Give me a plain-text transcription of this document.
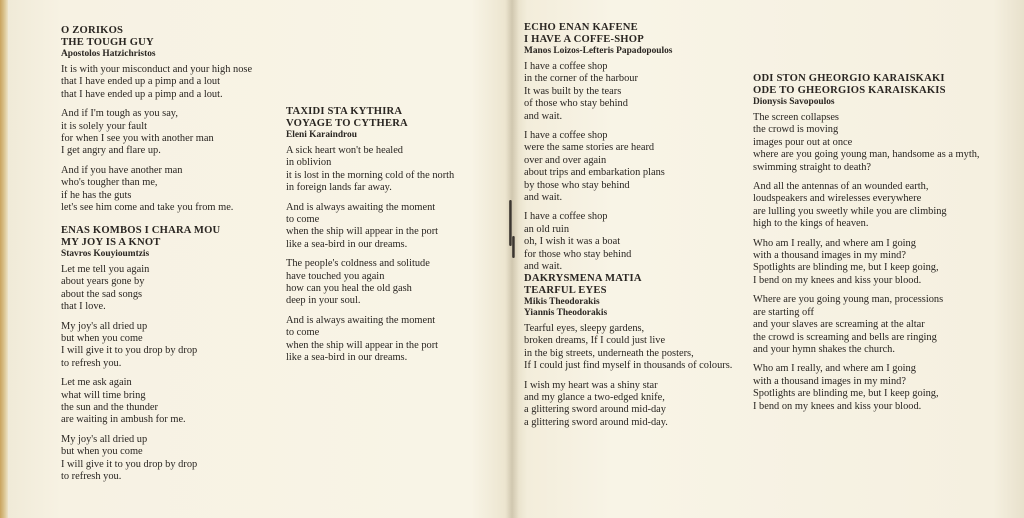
O ZORIKOS
THE TOUGH GUY
Apostolos Hatzichristos
It is with your misconduct and your high nose
that I have ended up a pimp and a lout
that I have ended up a pimp and a lout.
And if I'm tough as you say,
it is solely your fault
for when I see you with another man
I get angry and flare up.
And if you have another man
who's tougher than me,
if he has the guts
let's see him come and take you from me.
ENAS KOMBOS I CHARA MOU
MY JOY IS A KNOT
Stavros Kouyioumtzis
Let me tell you again
about years gone by
about the sad songs
that I love.
My joy's all dried up
but when you come
I will give it to you drop by drop
to refresh you.
Let me ask again
what will time bring
the sun and the thunder
are waiting in ambush for me.
My joy's all dried up
but when you come
I will give it to you drop by drop
to refresh you.
TAXIDI STA KYTHIRA
VOYAGE TO CYTHERA
Eleni Karaindrou
A sick heart won't be healed
in oblivion
it is lost in the morning cold of the north
in foreign lands far away.
And is always awaiting the moment
to come
when the ship will appear in the port
like a sea-bird in our dreams.
The people's coldness and solitude
have touched you again
how can you heal the old gash
deep in your soul.
And is always awaiting the moment
to come
when the ship will appear in the port
like a sea-bird in our dreams.
ECHO ENAN KAFENE
I HAVE A COFFE-SHOP
Manos Loizos-Lefteris Papadopoulos
I have a coffee shop
in the corner of the harbour
It was built by the tears
of those who stay behind
and wait.
I have a coffee shop
were the same stories are heard
over and over again
about trips and embarkation plans
by those who stay behind
and wait.
I have a coffee shop
an old ruin
oh, I wish it was a boat
for those who stay behind
and wait.
DAKRYSMENA MATIA
TEARFUL EYES
Mikis Theodorakis
Yiannis Theodorakis
Tearful eyes, sleepy gardens,
broken dreams, If I could just live
in the big streets, underneath the posters,
If I could just find myself in thousands of colours.
I wish my heart was a shiny star
and my glance a two-edged knife,
a glittering sword around mid-day
a glittering sword around mid-day.
ODI STON GHEORGIO KARAISKAKI
ODE TO GHEORGIOS KARAISKAKIS
Dionysis Savopoulos
The screen collapses
the crowd is moving
images pour out at once
where are you going young man, handsome as a myth,
swimming straight to death?
And all the antennas of an wounded earth,
loudspeakers and wirelesses everywhere
are lulling you sweetly while you are climbing
high to the kings of heaven.
Who am I really, and where am I going
with a thousand images in my mind?
Spotlights are blinding me, but I keep going,
I bend on my knees and kiss your blood.
Where are you going young man, processions
are starting off
and your slaves are screaming at the altar
the crowd is screaming and bells are ringing
and your hymn shakes the church.
Who am I really, and where am I going
with a thousand images in my mind?
Spotlights are blinding me, but I keep going,
I bend on my knees and kiss your blood.
